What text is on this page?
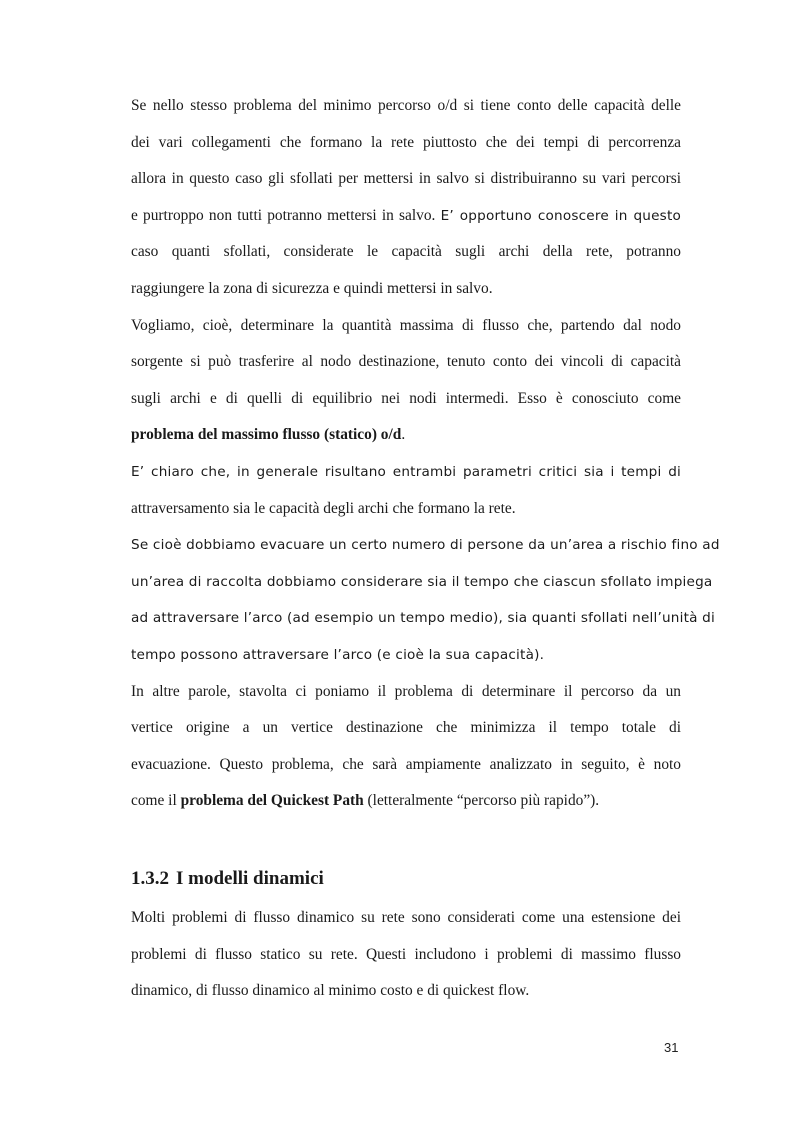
Se nello stesso problema del minimo percorso o/d si tiene conto delle capacità delle
dei vari collegamenti che formano la rete piuttosto che dei tempi di percorrenza
allora in questo caso gli sfollati per mettersi in salvo si distribuiranno su vari percorsi
e purtroppo non tutti potranno mettersi in salvo. E’ opportuno conoscere in questo
caso quanti sfollati, considerate le capacità sugli archi della rete, potranno
raggiungere la zona di sicurezza e quindi mettersi in salvo.

Vogliamo, cioè, determinare la quantità massima di flusso che, partendo dal nodo
sorgente si può trasferire al nodo destinazione, tenuto conto dei vincoli di capacità
sugli archi e di quelli di equilibrio nei nodi intermedi. Esso è conosciuto come
problema del massimo flusso (statico) o/d.

E’ chiaro che, in generale risultano entrambi parametri critici sia i tempi di
attraversamento sia le capacità degli archi che formano la rete.

Se cioè dobbiamo evacuare un certo numero di persone da un’area a rischio fino ad
un’area di raccolta dobbiamo considerare sia il tempo che ciascun sfollato impiega
ad attraversare l’arco (ad esempio un tempo medio), sia quanti sfollati nell’unità di
tempo possono attraversare l’arco (e cioè la sua capacità).

In altre parole, stavolta ci poniamo il problema di determinare il percorso da un
vertice origine a un vertice destinazione che minimizza il tempo totale di
evacuazione. Questo problema, che sarà ampiamente analizzato in seguito, è noto
come il problema del Quickest Path (letteralmente “percorso più rapido”).

1.3.2 I modelli dinamici

Molti problemi di flusso dinamico su rete sono considerati come una estensione dei
problemi di flusso statico su rete. Questi includono i problemi di massimo flusso
dinamico, di flusso dinamico al minimo costo e di quickest flow.

31
